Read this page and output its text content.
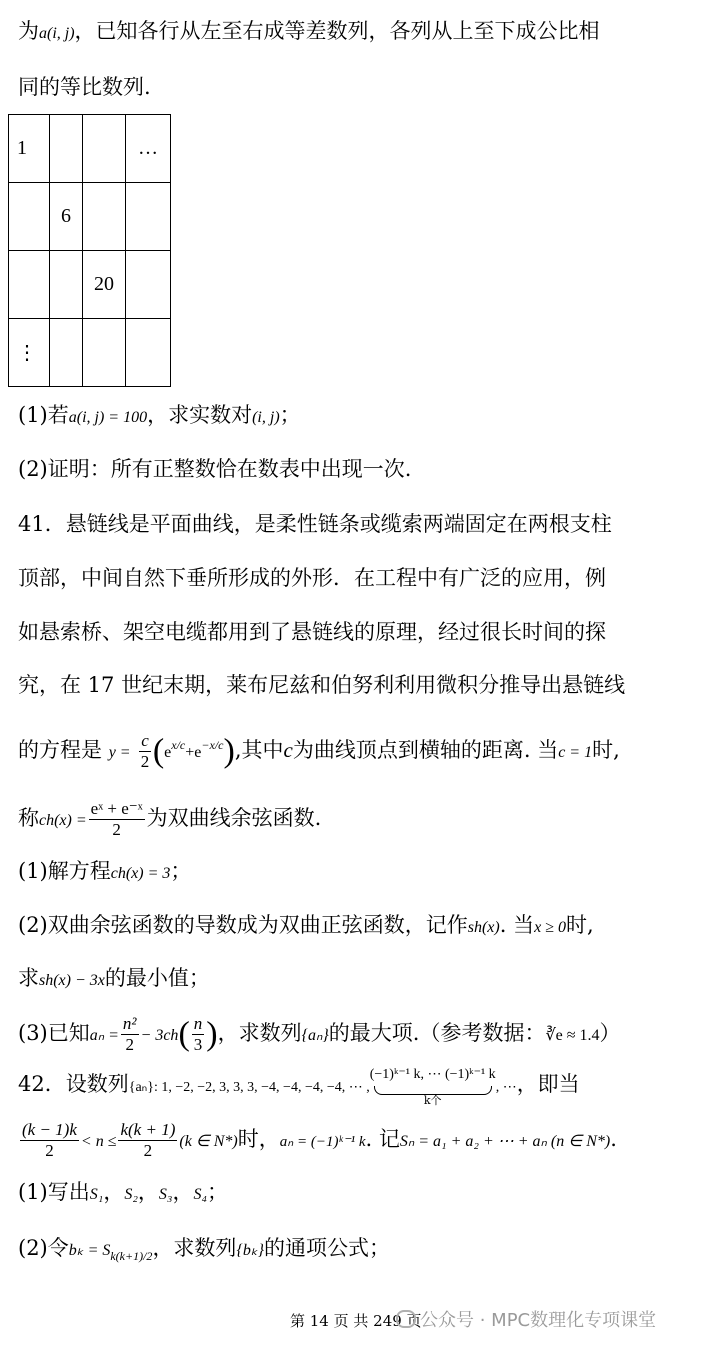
为a(i, j)，已知各行从左至右成等差数列，各列从上至下成公比相
同的等比数列.
1			…
	6		
		20	
⋮			
(1)若a(i, j) = 100，求实数对(i, j)；
(2)证明：所有正整数恰在数表中出现一次.
41．悬链线是平面曲线，是柔性链条或缆索两端固定在两根支柱
顶部，中间自然下垂所形成的外形．在工程中有广泛的应用，例
如悬索桥、架空电缆都用到了悬链线的原理，经过很长时间的探
究，在 17 世纪末期，莱布尼兹和伯努利利用微积分推导出悬链线
的方程是 $y = \frac{c}{2} (e^{x/c}+e^{-x/c})$,其中c为曲线顶点到横轴的距离. 当c = 1时,
称$ch(x) = \frac{\text{eˣ + e⁻ˣ}}{2}$ 为双曲线余弦函数.
(1)解方程ch(x) = 3；
(2)双曲余弦函数的导数成为双曲正弦函数，记作sh(x). 当x ≥ 0时,
求sh(x) − 3x的最小值；
(3)已知$a_n = \frac{\text{n²}}{2} - 3ch( \frac{n}{3}$ )，求数列{aₙ}的最大项.（参考数据：∛e ≈ 1.4）
42．设数列{aₙ}: 1, −2, −2, 3, 3, 3, −4, −4, −4, −4, ⋯ ,
(−1)ᵏ⁻¹ k, ⋯ (−1)ᵏ⁻¹ k
k个
, ⋯，即当
$\frac{(k - 1)k}{2} < n \le \frac{k(k + 1)}{2} (k$ ∈ N*)时，aₙ = (−1)ᵏ⁻¹ k. 记Sₙ = a₁ + a₂ + ⋯ + aₙ (n ∈ N*).
(1)写出S₁，S₂，S₃，S₄；
(2)令$b_k = S_{k(k+1)/2}$，求数列{bₖ}的通项公式；
第 14 页 共 249 页
公众号 · MPC数理化专项课堂
